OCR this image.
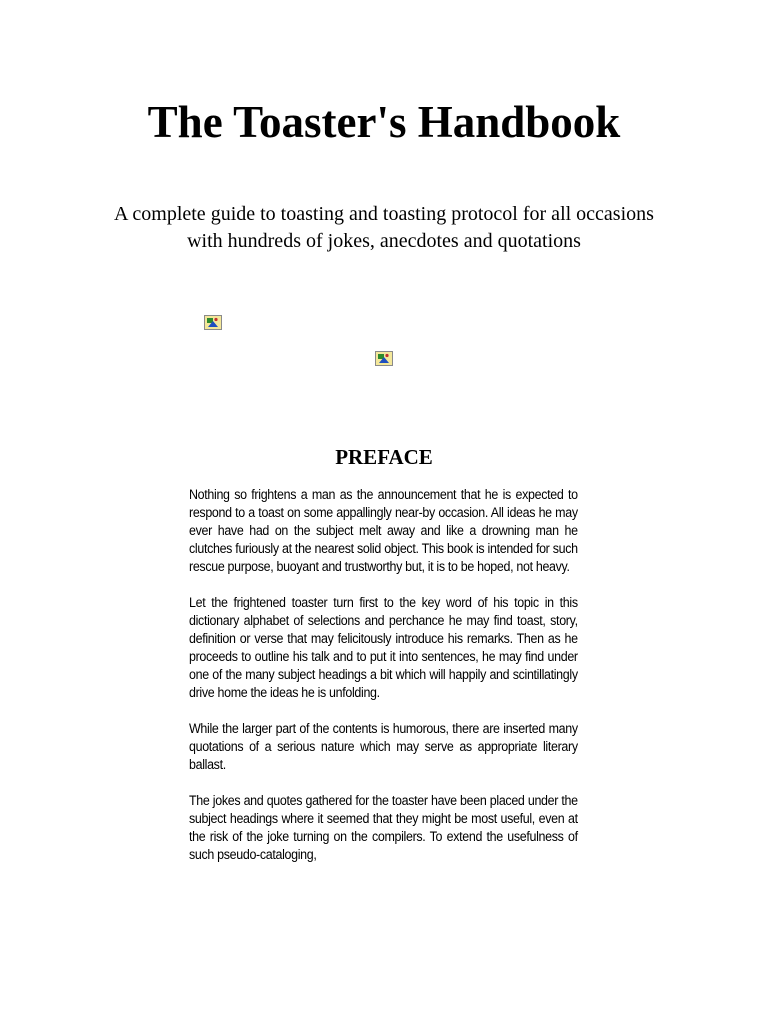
The Toaster's Handbook

A complete guide to toasting and toasting protocol for all occasions with hundreds of jokes, anecdotes and quotations

PREFACE

Nothing so frightens a man as the announcement that he is expected to respond to a toast on some appallingly near-by occasion. All ideas he may ever have had on the subject melt away and like a drowning man he clutches furiously at the nearest solid object. This book is intended for such rescue purpose, buoyant and trustworthy but, it is to be hoped, not heavy.

Let the frightened toaster turn first to the key word of his topic in this dictionary alphabet of selections and perchance he may find toast, story, definition or verse that may felicitously introduce his remarks. Then as he proceeds to outline his talk and to put it into sentences, he may find under one of the many subject headings a bit which will happily and scintillatingly drive home the ideas he is unfolding.

While the larger part of the contents is humorous, there are inserted many quotations of a serious nature which may serve as appropriate literary ballast.

The jokes and quotes gathered for the toaster have been placed under the subject headings where it seemed that they might be most useful, even at the risk of the joke turning on the compilers. To extend the usefulness of such pseudo-cataloging,
